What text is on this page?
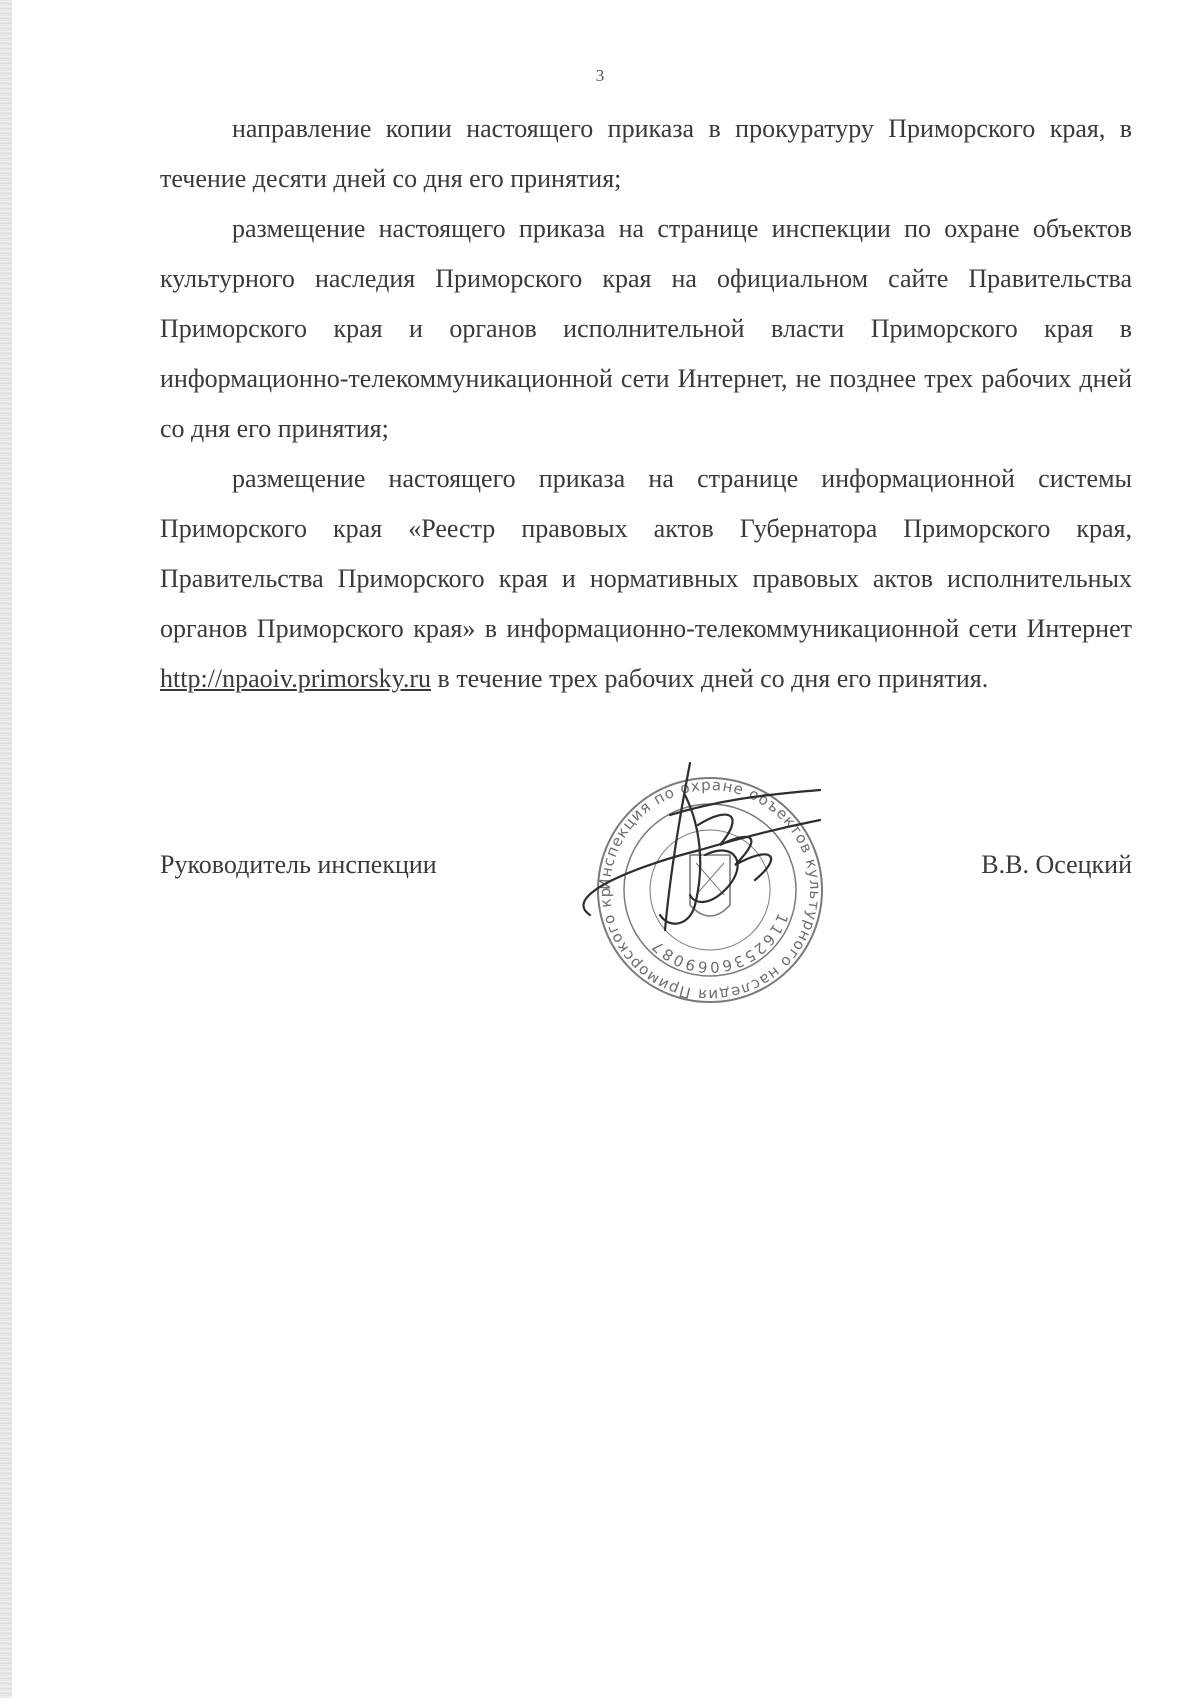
3

направление копии настоящего приказа в прокуратуру Приморского края, в течение десяти дней со дня его принятия;

размещение настоящего приказа на странице инспекции по охране объектов культурного наследия Приморского края на официальном сайте Правительства Приморского края и органов исполнительной власти Приморского края в информационно-телекоммуникационной сети Интернет, не позднее трех рабочих дней со дня его принятия;

размещение настоящего приказа на странице информационной системы Приморского края «Реестр правовых актов Губернатора Приморского края, Правительства Приморского края и нормативных правовых актов исполнительных органов Приморского края» в информационно-телекоммуникационной сети Интернет http://npaoiv.primorsky.ru в течение трех рабочих дней со дня его принятия.

Инспекция по охране объектов культурного наследия Приморского кр
1162536069087
Руководитель инспекции	В.В. Осецкий
